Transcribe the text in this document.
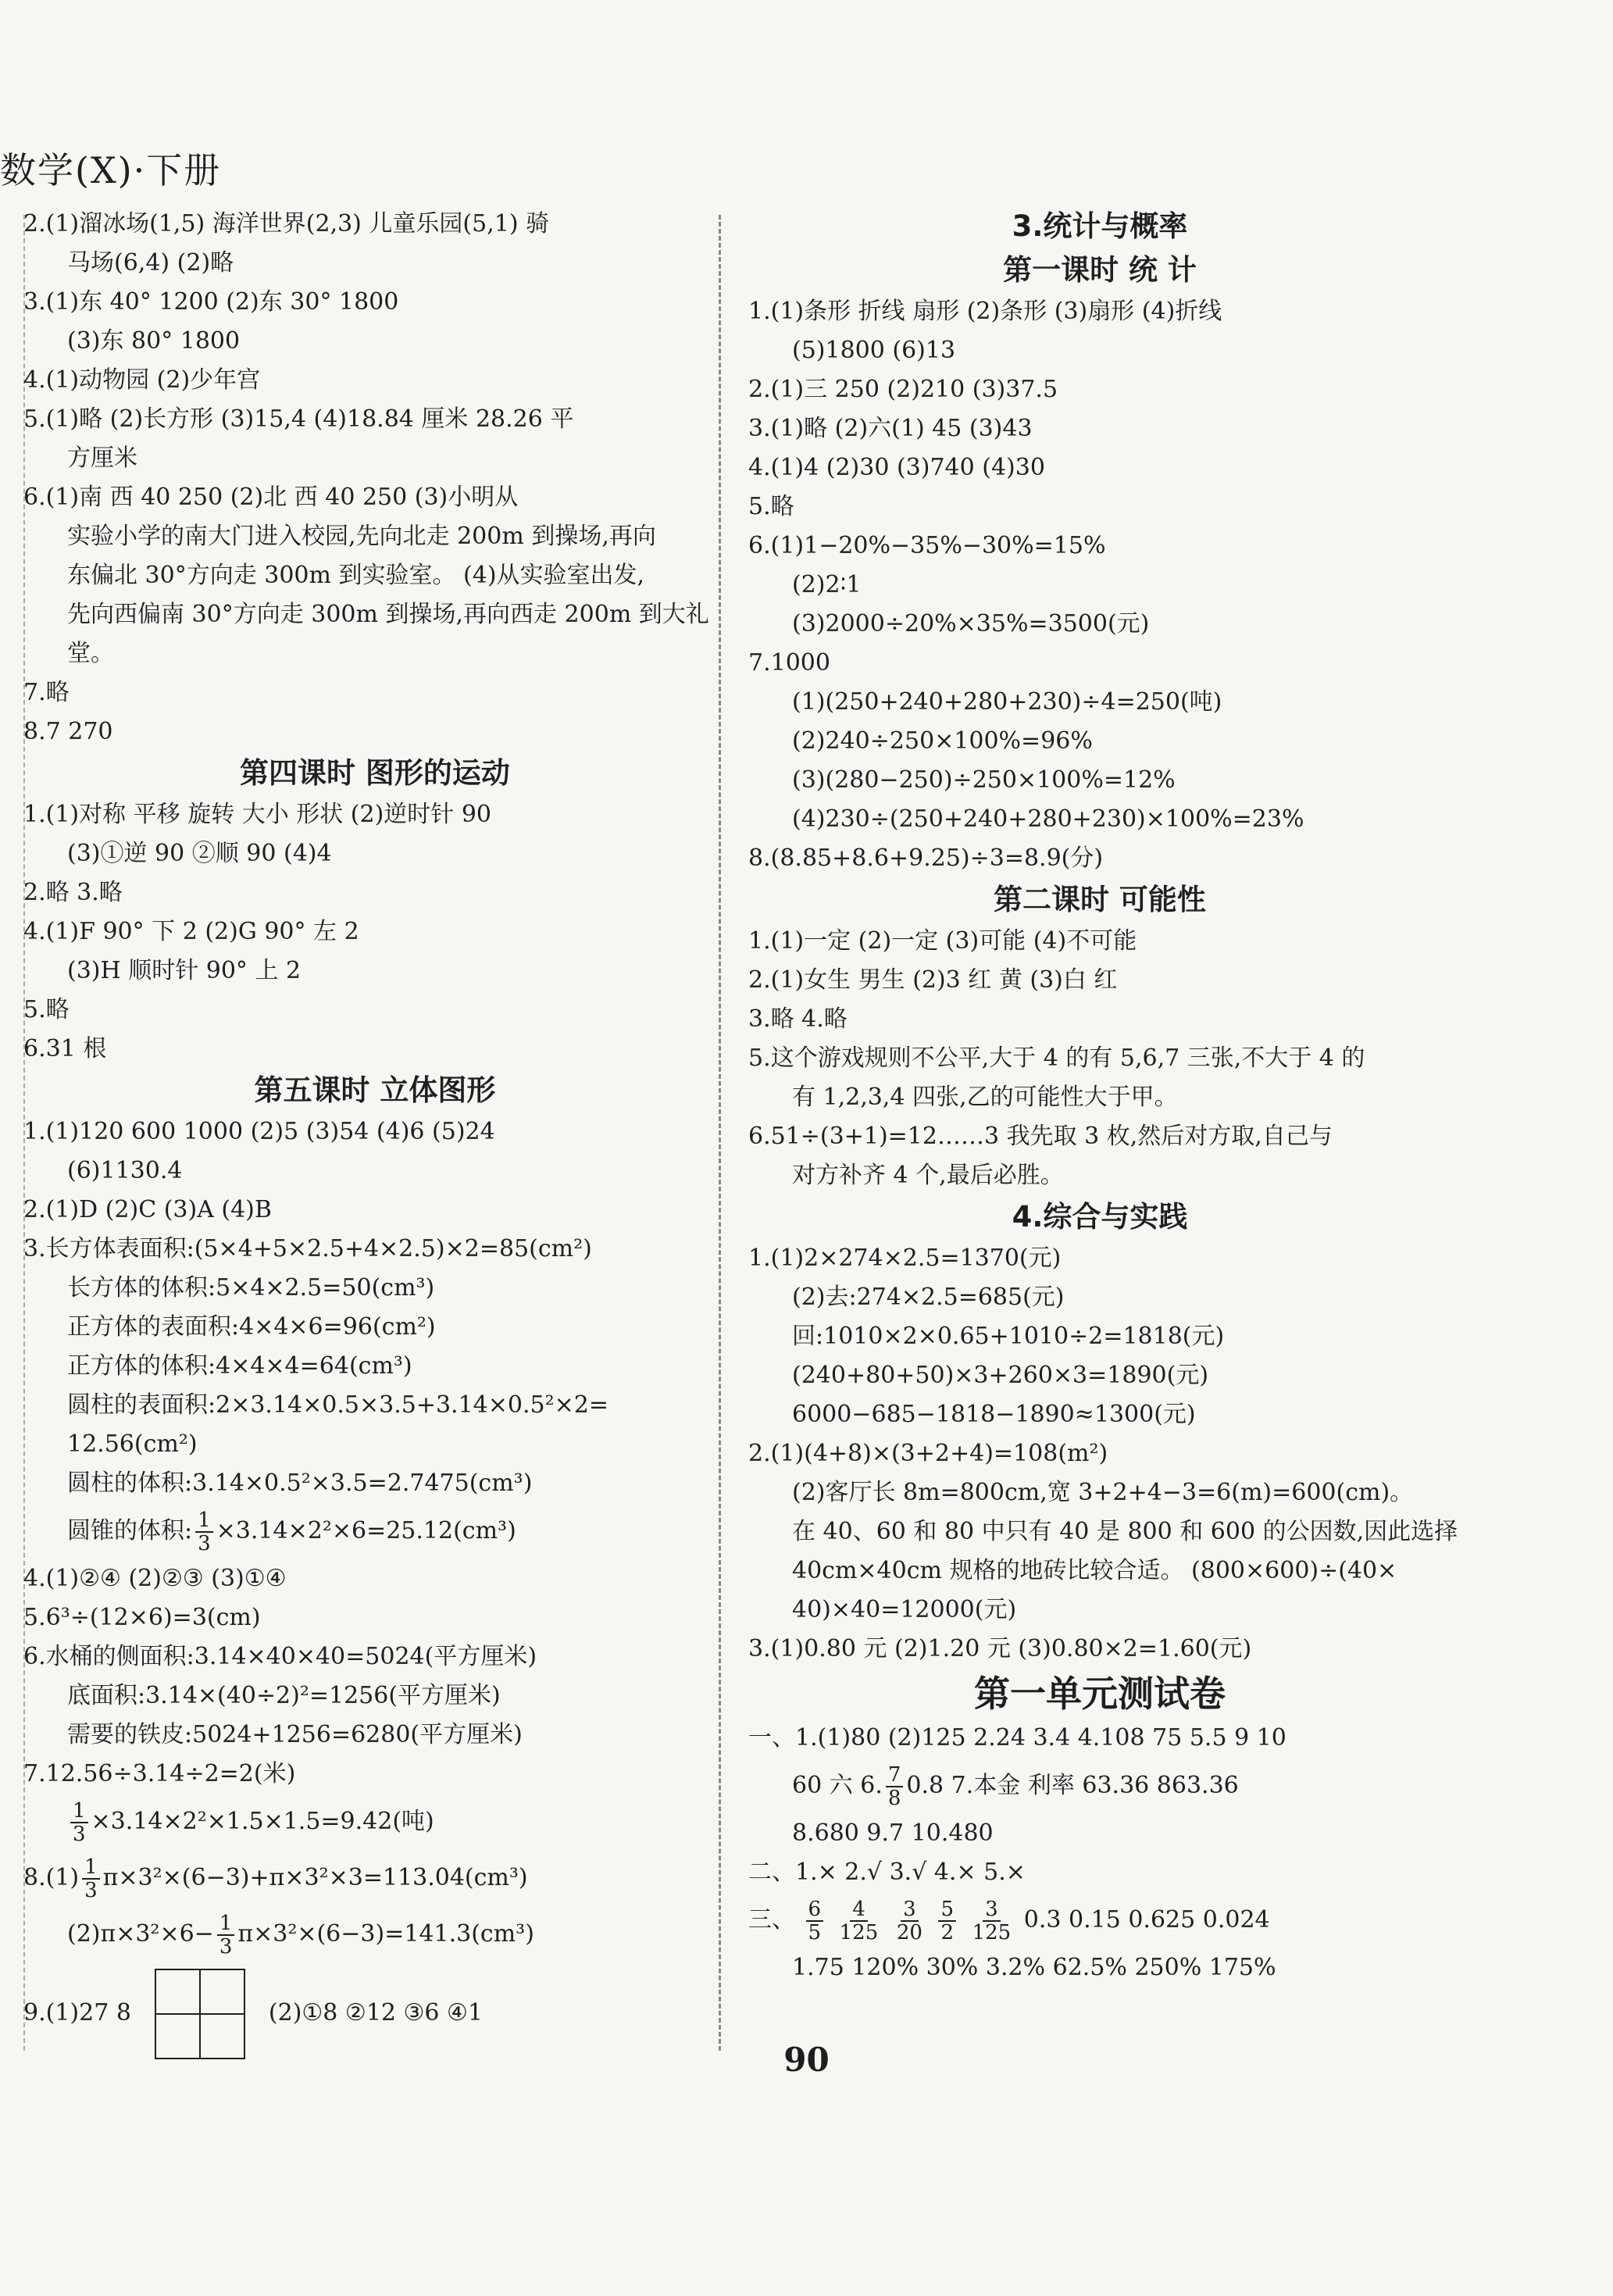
数学(X)·下册
2.(1)溜冰场(1,5) 海洋世界(2,3) 儿童乐园(5,1) 骑
马场(6,4) (2)略
3.(1)东 40° 1200 (2)东 30° 1800
(3)东 80° 1800
4.(1)动物园 (2)少年宫
5.(1)略 (2)长方形 (3)15,4 (4)18.84 厘米 28.26 平
方厘米
6.(1)南 西 40 250 (2)北 西 40 250 (3)小明从
实验小学的南大门进入校园,先向北走 200m 到操场,再向
东偏北 30°方向走 300m 到实验室。 (4)从实验室出发,
先向西偏南 30°方向走 300m 到操场,再向西走 200m 到大礼
堂。
7.略
8.7 270
第四课时 图形的运动
1.(1)对称 平移 旋转 大小 形状 (2)逆时针 90
(3)①逆 90 ②顺 90 (4)4
2.略 3.略
4.(1)F 90° 下 2 (2)G 90° 左 2
(3)H 顺时针 90° 上 2
5.略
6.31 根
第五课时 立体图形
1.(1)120 600 1000 (2)5 (3)54 (4)6 (5)24
(6)1130.4
2.(1)D (2)C (3)A (4)B
3.长方体表面积:(5×4+5×2.5+4×2.5)×2=85(cm²)
长方体的体积:5×4×2.5=50(cm³)
正方体的表面积:4×4×6=96(cm²)
正方体的体积:4×4×4=64(cm³)
圆柱的表面积:2×3.14×0.5×3.5+3.14×0.5²×2=
12.56(cm²)
圆柱的体积:3.14×0.5²×3.5=2.7475(cm³)
圆锥的体积: $\frac{1}{3} \times 3.14\times 2^2\times 6=25.12(cm^3)$
4.(1)②④ (2)②③ (3)①④
5.6³÷(12×6)=3(cm)
6.水桶的侧面积:3.14×40×40=5024(平方厘米)
底面积:3.14×(40÷2)²=1256(平方厘米)
需要的铁皮:5024+1256=6280(平方厘米)
7.12.56÷3.14÷2=2(米)
$\frac{1}{3} \times 3.14\times 2^2\times 1.5\times 1.5=9.42$(吨)
$8.(1) \frac{1}{3} \pi\times 3^2\times(6-3)+\pi\times 3^2\times 3=113.04(cm^3)$
$(2)\pi\times 3^2\times 6- \frac{1}{3} \pi\times 3^2\times(6-3)=141.3(cm^3)$
9.(1)27 8	(2)①8 ②12 ③6 ④1
3.统计与概率
第一课时 统 计
1.(1)条形 折线 扇形 (2)条形 (3)扇形 (4)折线
(5)1800 (6)13
2.(1)三 250 (2)210 (3)37.5
3.(1)略 (2)六(1) 45 (3)43
4.(1)4 (2)30 (3)740 (4)30
5.略
6.(1)1−20%−35%−30%=15%
(2)2∶1
(3)2000÷20%×35%=3500(元)
7.1000
(1)(250+240+280+230)÷4=250(吨)
(2)240÷250×100%=96%
(3)(280−250)÷250×100%=12%
(4)230÷(250+240+280+230)×100%=23%
8.(8.85+8.6+9.25)÷3=8.9(分)
第二课时 可能性
1.(1)一定 (2)一定 (3)可能 (4)不可能
2.(1)女生 男生 (2)3 红 黄 (3)白 红
3.略 4.略
5.这个游戏规则不公平,大于 4 的有 5,6,7 三张,不大于 4 的
有 1,2,3,4 四张,乙的可能性大于甲。
6.51÷(3+1)=12……3 我先取 3 枚,然后对方取,自己与
对方补齐 4 个,最后必胜。
4.综合与实践
1.(1)2×274×2.5=1370(元)
(2)去:274×2.5=685(元)
回:1010×2×0.65+1010÷2=1818(元)
(240+80+50)×3+260×3=1890(元)
6000−685−1818−1890≈1300(元)
2.(1)(4+8)×(3+2+4)=108(m²)
(2)客厅长 8m=800cm,宽 3+2+4−3=6(m)=600(cm)。
在 40、60 和 80 中只有 40 是 800 和 600 的公因数,因此选择
40cm×40cm 规格的地砖比较合适。 (800×600)÷(40×
40)×40=12000(元)
3.(1)0.80 元 (2)1.20 元 (3)0.80×2=1.60(元)
第一单元测试卷
一、1.(1)80 (2)125 2.24 3.4 4.108 75 5.5 9 10
60 六 6. $\frac{7}{8} 0.8$ 7.本金 利率 63.36 863.36
8.680 9.7 10.480
二、1.× 2.√ 3.√ 4.× 5.×
三、 $\frac{6}{5}$
$\frac{4}{125}$
$\frac{3}{20}$
$\frac{5}{2}$
$\frac{3}{125} 0.3$ 0.15 0.625 0.024
1.75 120% 30% 3.2% 62.5% 250% 175%
90
